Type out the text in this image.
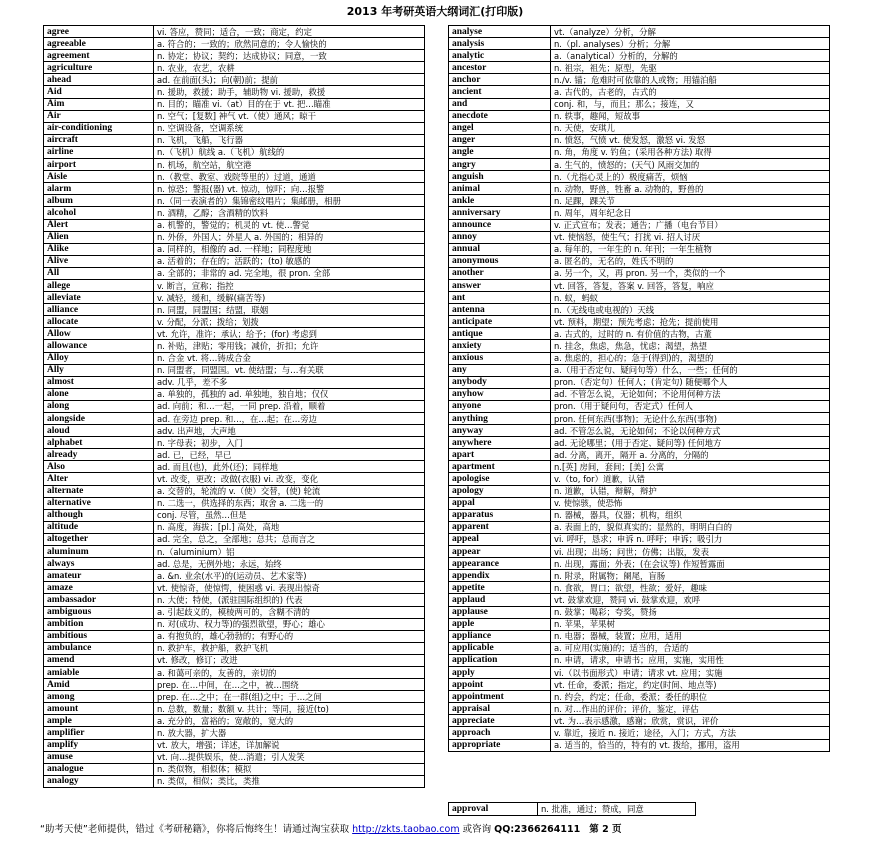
2013 年考研英语大纲词汇(打印版)
agree	vi. 答应，赞同；适合，一致；商定，约定
agreeable	a. 符合的；一致的；欣然同意的；令人愉快的
agreement	n. 协定；协议；契约；达成协议；同意，一致
agriculture	n. 农业，农艺，农耕
ahead	ad. 在前面(头)；向(朝)前；提前
Aid	n. 援助，救援；助手，辅助物 vi. 援助，救援
Aim	n. 目的；瞄准 vi.（at）目的在于 vt. 把…瞄准
Air	n. 空气；[复数] 神气 vt.（使）通风；晾干
air-conditioning	n. 空调设备，空调系统
aircraft	n. 飞机，飞船，飞行器
airline	n.（飞机）航线 a.（飞机）航线的
airport	n. 机场，航空站，航空港
Aisle	n.（教堂、教室、戏院等里的）过道，通道
alarm	n. 惊恐；警报(器) vt. 惊动，惊吓；向…报警
album	n.（同一表演者的）集锦密纹唱片；集邮册，相册
alcohol	n. 酒精，乙醇；含酒精的饮料
Alert	a. 机警的，警觉的；机灵的 vt. 使…警觉
Alien	n. 外侨，外国人；外星人 a. 外国的；相异的
Alike	a. 同样的，相像的 ad. 一样地；同程度地
Alive	a. 活着的；存在的；活跃的；(to) 敏感的
All	a. 全部的；非常的 ad. 完全地，很 pron. 全部
allege	v. 断言，宣称；指控
alleviate	v. 减轻，缓和，缓解(痛苦等)
alliance	n. 同盟，同盟国；结盟，联姻
allocate	v. 分配，分派；拨给；划拨
Allow	vt. 允许，准许；承认；给予；(for) 考虑到
allowance	n. 补贴，津贴；零用钱；减价，折扣；允许
Alloy	n. 合金 vt. 将…铸成合金
Ally	n. 同盟者，同盟国。vt. 使结盟；与…有关联
almost	adv. 几乎，差不多
alone	a. 单独的，孤独的 ad. 单独地，独自地；仅仅
along	ad. 向前；和…一起，一同 prep. 沿着，顺着
alongside	ad. 在旁边 prep. 和…，在…起；在…旁边
aloud	adv. 出声地，大声地
alphabet	n. 字母表；初步，入门
already	ad. 已，已经，早已
Also	ad. 而且(也)，此外(还)；同样地
Alter	vt. 改变，更改；改做(衣服) vi. 改变，变化
alternate	a. 交替的，轮流的 v.（使）交替，(使) 轮流
alternative	n. 二选一，供选择的东西；取舍 a. 二选一的
although	conj. 尽管，虽然…但是
altitude	n. 高度，海拔；[pl.] 高处，高地
altogether	ad. 完全，总之，全部地；总共；总而言之
aluminum	n.（aluminium）铝
always	ad. 总是，无例外地；永远，始终
amateur	a. &n. 业余(水平)的(运动员、艺术家等)
amaze	vt. 使惊奇，使惊愕，使困惑 vi. 表现出惊奇
ambassador	n. 大使；特使，(派驻国际组织的) 代表
ambiguous	a. 引起歧义的，模棱两可的，含糊不清的
ambition	n. 对(成功、权力等)的强烈欲望，野心；雄心
ambitious	a. 有抱负的，雄心勃勃的；有野心的
ambulance	n. 救护车，救护船，救护飞机
amend	vt. 修改，修订；改进
amiable	a. 和蔼可亲的，友善的，亲切的
Amid	prep. 在…中间，在…之中，被…围绕
among	prep. 在…之中；在一群(组)之中；于…之间
amount	n. 总数，数量；数额 v. 共计；等同，接近(to)
ample	a. 充分的，富裕的；宽敞的，宽大的
amplifier	n. 放大器，扩大器
amplify	vt. 放大，增强；详述，详加解说
amuse	vt. 向…提供娱乐，使…消遣；引人发笑
analogue	n. 类似物，相似体；模拟
analogy	n. 类似，相似；类比，类推
analyse	vt.（analyze）分析，分解
analysis	n.（pl. analyses）分析；分解
analytic	a.（analytical）分析的，分解的
ancestor	n. 祖宗，祖先；原型，先驱
anchor	n./v. 锚；危难时可依靠的人或物；用锚泊船
ancient	a. 古代的，古老的，古式的
and	conj. 和，与，而且；那么；接连，又
anecdote	n. 轶事，趣闻，短故事
angel	n. 天使，安琪儿
anger	n. 愤怒，气愤 vt. 使发怒，激怒 vi. 发怒
angle	n. 角，角度 v. 钓鱼；(采用各种方法) 取得
angry	a. 生气的，愤怒的；(天气) 风雨交加的
anguish	n.（尤指心灵上的）极度痛苦，烦恼
animal	n. 动物，野兽，牲畜 a. 动物的，野兽的
ankle	n. 足踝，踝关节
anniversary	n. 周年，周年纪念日
announce	v. 正式宣布；发表；通告；广播（电台节目）
annoy	vt. 使恼怒，使生气；打扰 vi. 招人讨厌
annual	a. 每年的，一年生的 n. 年刊；一年生植物
anonymous	a. 匿名的，无名的，姓氏不明的
another	a. 另一个，又，再 pron. 另一个，类似的一个
answer	vt. 回答，答复，答案 v. 回答，答复，响应
ant	n. 蚁，蚂蚁
antenna	n.（无线电或电视的）天线
anticipate	vt. 预料，期望；预先考虑；抢先；提前使用
antique	a. 古式的，过时的 n. 有价值的古物，古董
anxiety	n. 挂念，焦虑，焦急，忧虑；渴望，热望
anxious	a. 焦虑的，担心的；急于(得到)的，渴望的
any	a.（用于否定句、疑问句等）什么，一些；任何的
anybody	pron.（否定句）任何人；(肯定句) 随便哪个人
anyhow	ad. 不管怎么说，无论如何；不论用何种方法
anyone	pron.（用于疑问句，否定式）任何人
anything	pron. 任何东西(事物)；无论什么东西(事物)
anyway	ad. 不管怎么说，无论如何；不论以何种方式
anywhere	ad. 无论哪里；(用于否定、疑问等) 任何地方
apart	ad. 分离，离开，隔开 a. 分离的，分隔的
apartment	n.[英] 房间，套间；[美] 公寓
apologise	v.（to, for）道歉，认错
apology	n. 道歉，认错，辩解，辩护
appal	v. 使惊骇，使恐怖
apparatus	n. 器械，器具，仪器；机构，组织
apparent	a. 表面上的，貌似真实的；显然的，明明白白的
appeal	vi. 呼吁，恳求；申诉 n. 呼吁；申诉；吸引力
appear	vi. 出现；出场；问世；仿佛；出版，发表
appearance	n. 出现，露面；外表；(在会议等) 作短暂露面
appendix	n. 附录，附属物；阑尾，盲肠
appetite	n. 食欲，胃口；欲望，性欲；爱好，趣味
applaud	vt. 鼓掌欢迎，赞同 vi. 鼓掌欢迎，欢呼
applause	n. 鼓掌；喝彩；夸奖，赞扬
apple	n. 苹果，苹果树
appliance	n. 电器；器械，装置；应用，适用
applicable	a. 可应用(实施)的；适当的，合适的
application	n. 申请，请求，申请书；应用，实施，实用性
apply	vi.（以书面形式）申请；请求 vt. 应用；实施
appoint	vt. 任命，委派；指定，约定(时间、地点等)
appointment	n. 约会，约定；任命，委派；委任的职位
appraisal	n. 对…作出的评价；评价，鉴定，评估
appreciate	vt. 为…表示感激，感谢；欣赏，赏识，评价
approach	v. 靠近，接近 n. 接近；途径，入门；方式，方法
appropriate	a. 适当的，恰当的，特有的 vt. 拨给，挪用，盗用
approval	n. 批准，通过；赞成，同意
“助考天使”老师提供，错过《考研秘籍》，你将后悔终生！请通过淘宝获取 http://zkts.taobao.com 或咨询 QQ:2366264111 第 2 页
